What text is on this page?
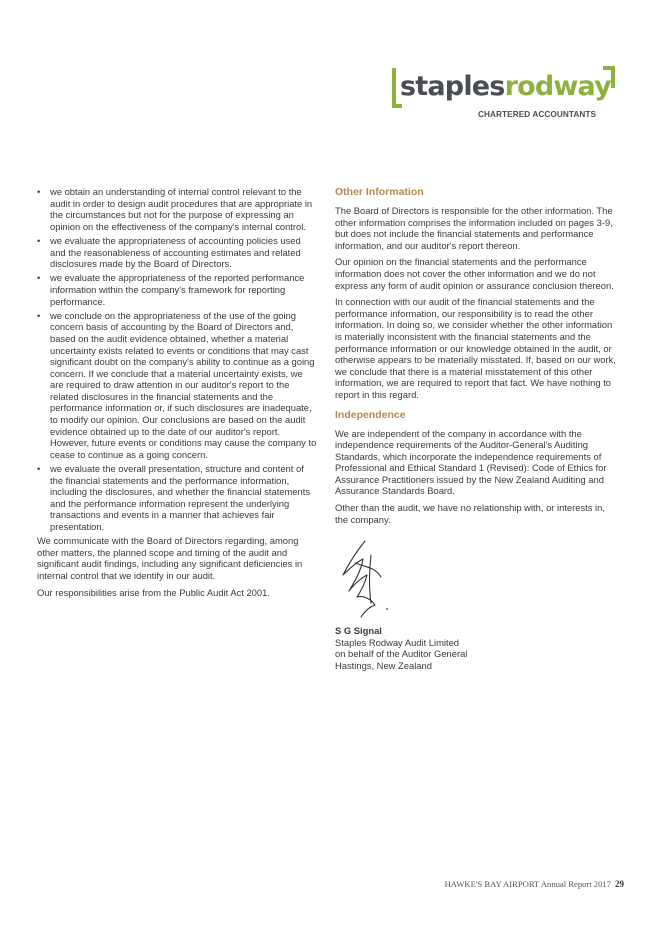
staplesrodway
CHARTERED ACCOUNTANTS
• we obtain an understanding of internal control relevant to the audit in order to design audit procedures that are appropriate in the circumstances but not for the purpose of expressing an opinion on the effectiveness of the company's internal control.
• we evaluate the appropriateness of accounting policies used and the reasonableness of accounting estimates and related disclosures made by the Board of Directors.
• we evaluate the appropriateness of the reported performance information within the company's framework for reporting performance.
• we conclude on the appropriateness of the use of the going concern basis of accounting by the Board of Directors and, based on the audit evidence obtained, whether a material uncertainty exists related to events or conditions that may cast significant doubt on the company's ability to continue as a going concern. If we conclude that a material uncertainty exists, we are required to draw attention in our auditor's report to the related disclosures in the financial statements and the performance information or, if such disclosures are inadequate, to modify our opinion. Our conclusions are based on the audit evidence obtained up to the date of our auditor's report. However, future events or conditions may cause the company to cease to continue as a going concern.
• we evaluate the overall presentation, structure and content of the financial statements and the performance information, including the disclosures, and whether the financial statements and the performance information represent the underlying transactions and events in a manner that achieves fair presentation.

We communicate with the Board of Directors regarding, among other matters, the planned scope and timing of the audit and significant audit findings, including any significant deficiencies in internal control that we identify in our audit.

Our responsibilities arise from the Public Audit Act 2001.

Other Information

The Board of Directors is responsible for the other information. The other information comprises the information included on pages 3-9, but does not include the financial statements and performance information, and our auditor's report thereon.

Our opinion on the financial statements and the performance information does not cover the other information and we do not express any form of audit opinion or assurance conclusion thereon.

In connection with our audit of the financial statements and the performance information, our responsibility is to read the other information. In doing so, we consider whether the other information is materially inconsistent with the financial statements and the performance information or our knowledge obtained in the audit, or otherwise appears to be materially misstated. If, based on our work, we conclude that there is a material misstatement of this other information, we are required to report that fact. We have nothing to report in this regard.

Independence

We are independent of the company in accordance with the independence requirements of the Auditor-General's Auditing Standards, which incorporate the independence requirements of Professional and Ethical Standard 1 (Revised): Code of Ethics for Assurance Practitioners issued by the New Zealand Auditing and Assurance Standards Board.

Other than the audit, we have no relationship with, or interests in, the company.

S G Signal
Staples Rodway Audit Limited
on behalf of the Auditor General
Hastings, New Zealand
HAWKE'S BAY AIRPORT Annual Report 2017 29
